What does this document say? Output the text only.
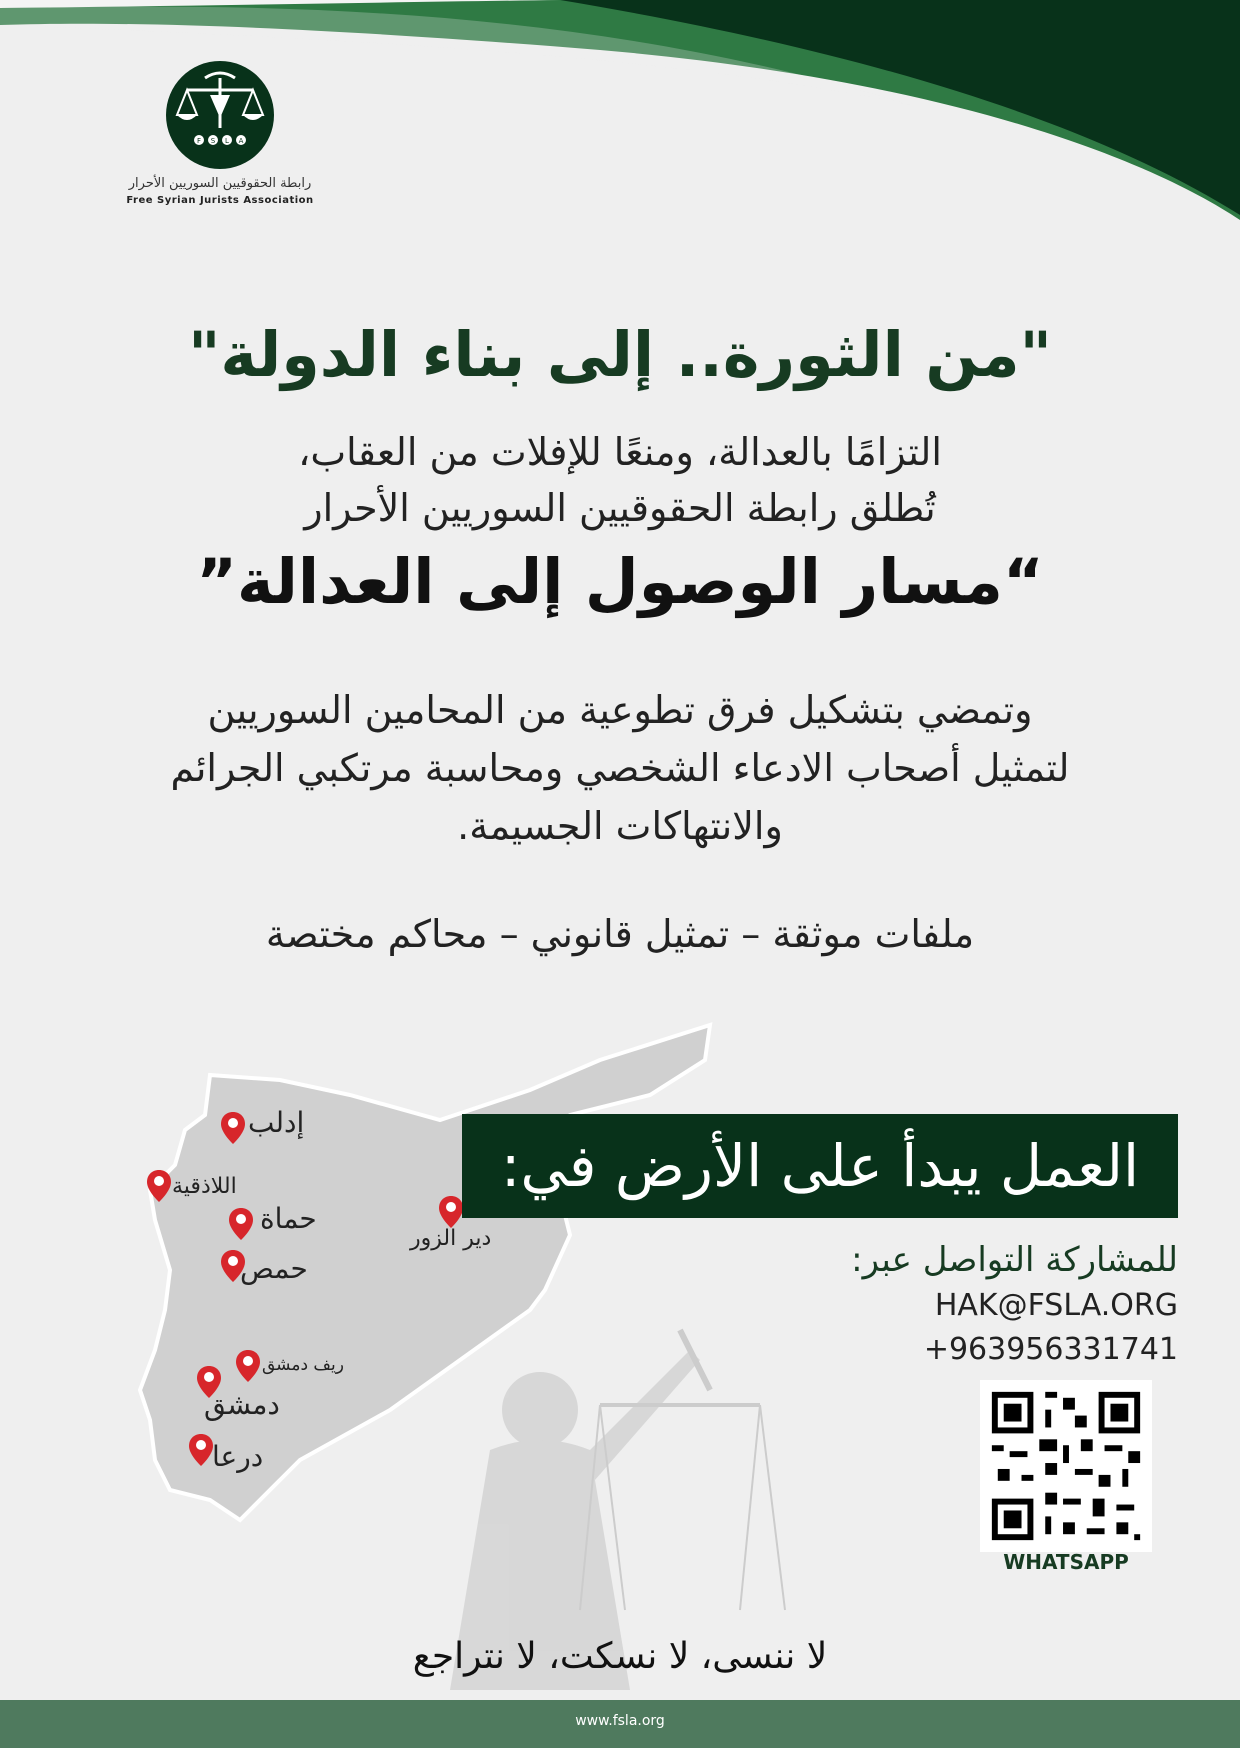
F S L A
رابطة الحقوقيين السوريين الأحرار
Free Syrian Jurists Association
"من الثورة.. إلى بناء الدولة"
التزامًا بالعدالة، ومنعًا للإفلات من العقاب،
تُطلق رابطة الحقوقيين السوريين الأحرار
“مسار الوصول إلى العدالة”
وتمضي بتشكيل فرق تطوعية من المحامين السوريين
لتمثيل أصحاب الادعاء الشخصي ومحاسبة مرتكبي الجرائم
والانتهاكات الجسيمة.
ملفات موثقة – تمثيل قانوني – محاكم مختصة
إدلب
اللاذقية
حماة
حمص
دير الزور
ريف دمشق
دمشق
درعا
العمل يبدأ على الأرض في:
للمشاركة التواصل عبر:
HAK@FSLA.ORG
+963956331741
WHATSAPP
لا ننسى، لا نسكت، لا نتراجع
www.fsla.org
